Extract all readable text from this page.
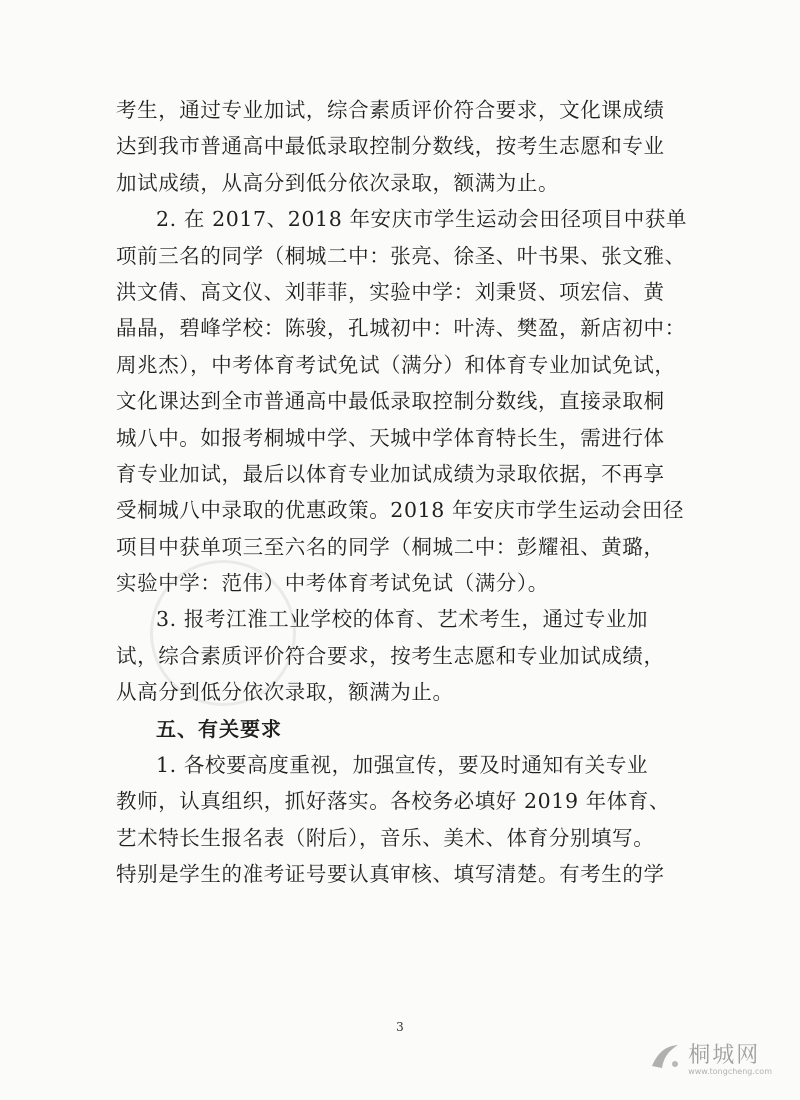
考生，通过专业加试，综合素质评价符合要求，文化课成绩
达到我市普通高中最低录取控制分数线，按考生志愿和专业
加试成绩，从高分到低分依次录取，额满为止。
2. 在 2017、2018 年安庆市学生运动会田径项目中获单
项前三名的同学（桐城二中：张亮、徐圣、叶书果、张文雅、
洪文倩、高文仪、刘菲菲，实验中学：刘秉贤、项宏信、黄
晶晶，碧峰学校：陈骏，孔城初中：叶涛、樊盈，新店初中：
周兆杰），中考体育考试免试（满分）和体育专业加试免试，
文化课达到全市普通高中最低录取控制分数线，直接录取桐
城八中。如报考桐城中学、天城中学体育特长生，需进行体
育专业加试，最后以体育专业加试成绩为录取依据，不再享
受桐城八中录取的优惠政策。2018 年安庆市学生运动会田径
项目中获单项三至六名的同学（桐城二中：彭耀祖、黄璐，
实验中学：范伟）中考体育考试免试（满分）。
3. 报考江淮工业学校的体育、艺术考生，通过专业加
试，综合素质评价符合要求，按考生志愿和专业加试成绩，
从高分到低分依次录取，额满为止。
五、有关要求
1. 各校要高度重视，加强宣传，要及时通知有关专业
教师，认真组织，抓好落实。各校务必填好 2019 年体育、
艺术特长生报名表（附后），音乐、美术、体育分别填写。
特别是学生的准考证号要认真审核、填写清楚。有考生的学
3
桐城网
www.tongcheng.com
